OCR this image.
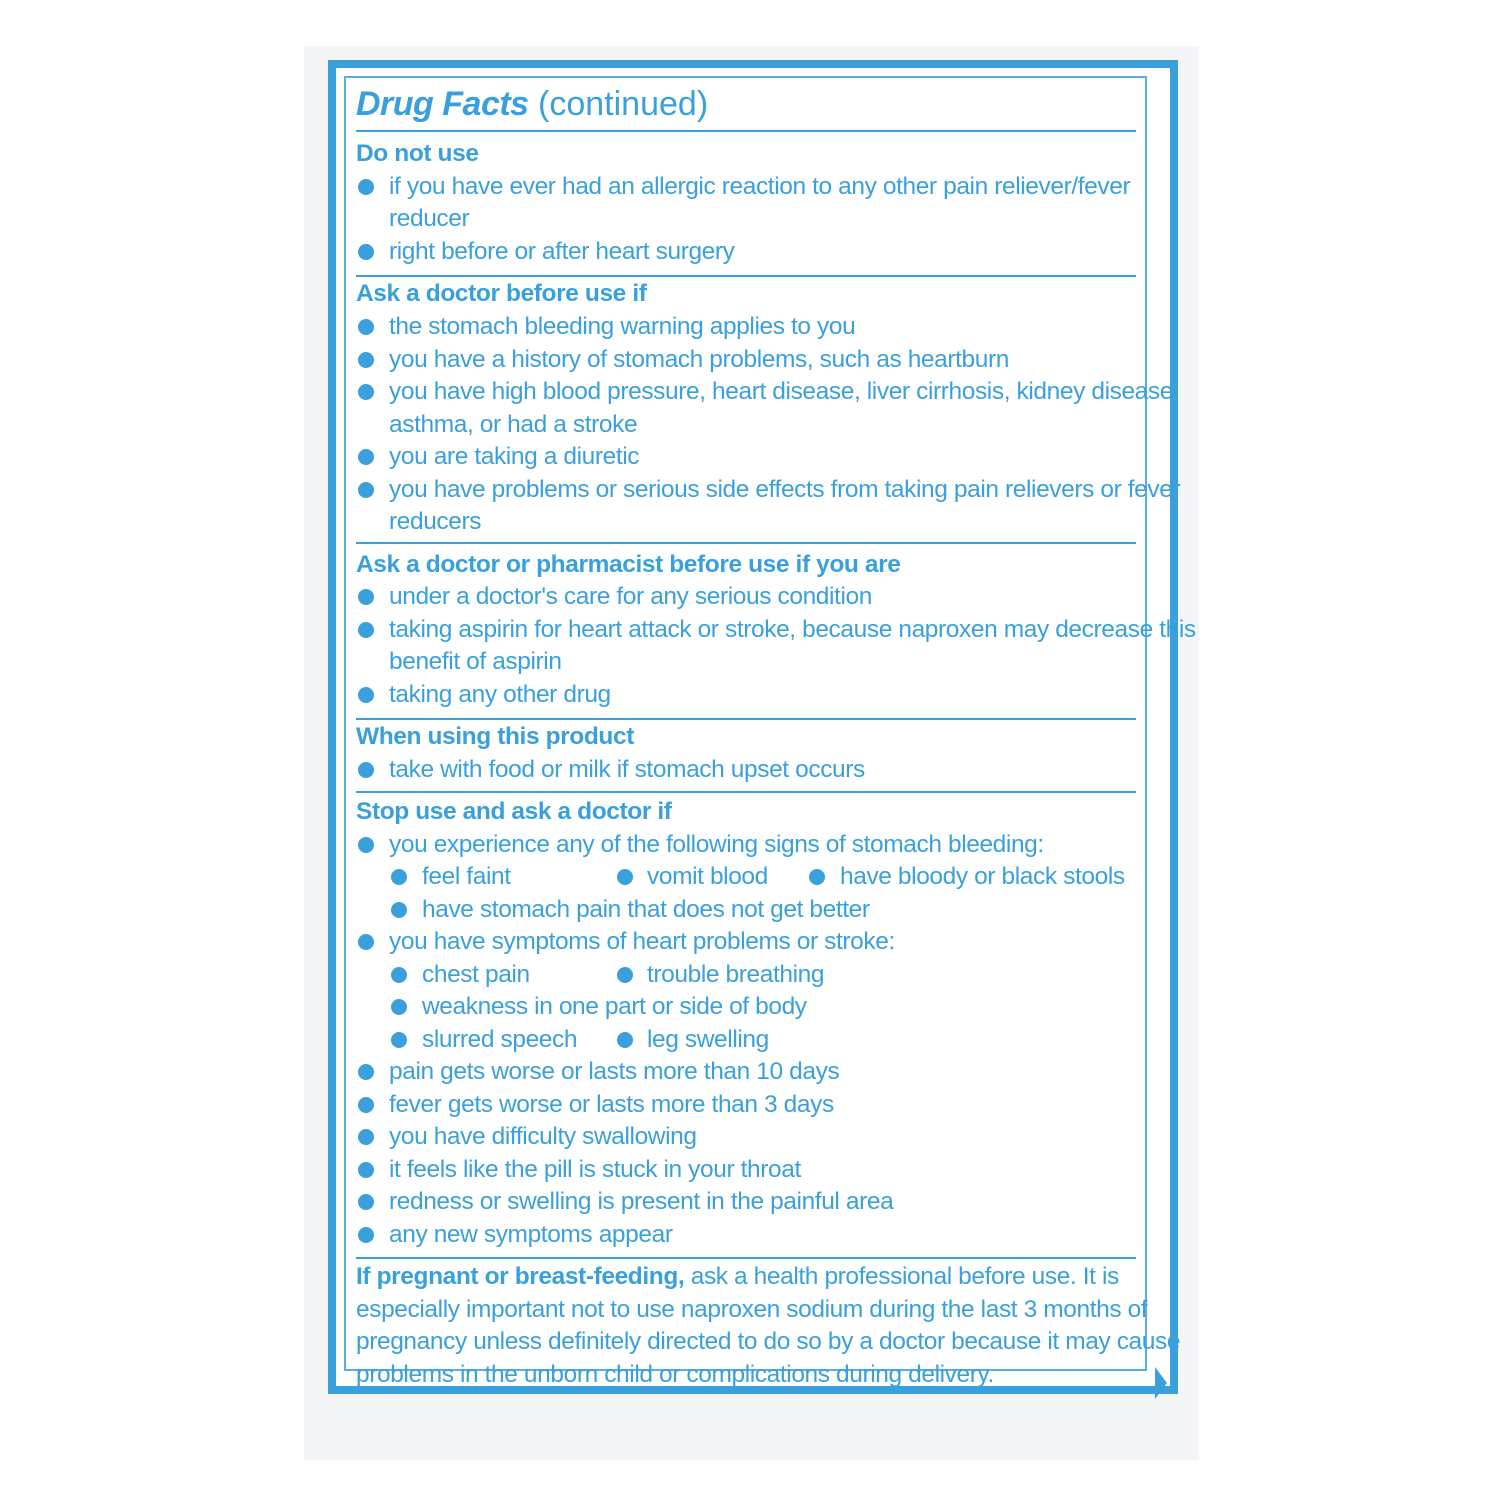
Drug Facts (continued)
Do not use
if you have ever had an allergic reaction to any other pain reliever/fever
reducer
right before or after heart surgery
Ask a doctor before use if
the stomach bleeding warning applies to you
you have a history of stomach problems, such as heartburn
you have high blood pressure, heart disease, liver cirrhosis, kidney disease,
asthma, or had a stroke
you are taking a diuretic
you have problems or serious side effects from taking pain relievers or fever
reducers
Ask a doctor or pharmacist before use if you are
under a doctor's care for any serious condition
taking aspirin for heart attack or stroke, because naproxen may decrease this
benefit of aspirin
taking any other drug
When using this product
take with food or milk if stomach upset occurs
Stop use and ask a doctor if
you experience any of the following signs of stomach bleeding:
feel faint	vomit blood	have bloody or black stools
have stomach pain that does not get better
you have symptoms of heart problems or stroke:
chest pain	trouble breathing
weakness in one part or side of body
slurred speech	leg swelling
pain gets worse or lasts more than 10 days
fever gets worse or lasts more than 3 days
you have difficulty swallowing
it feels like the pill is stuck in your throat
redness or swelling is present in the painful area
any new symptoms appear
If pregnant or breast-feeding, ask a health professional before use. It is
especially important not to use naproxen sodium during the last 3 months of
pregnancy unless definitely directed to do so by a doctor because it may cause
problems in the unborn child or complications during delivery.
